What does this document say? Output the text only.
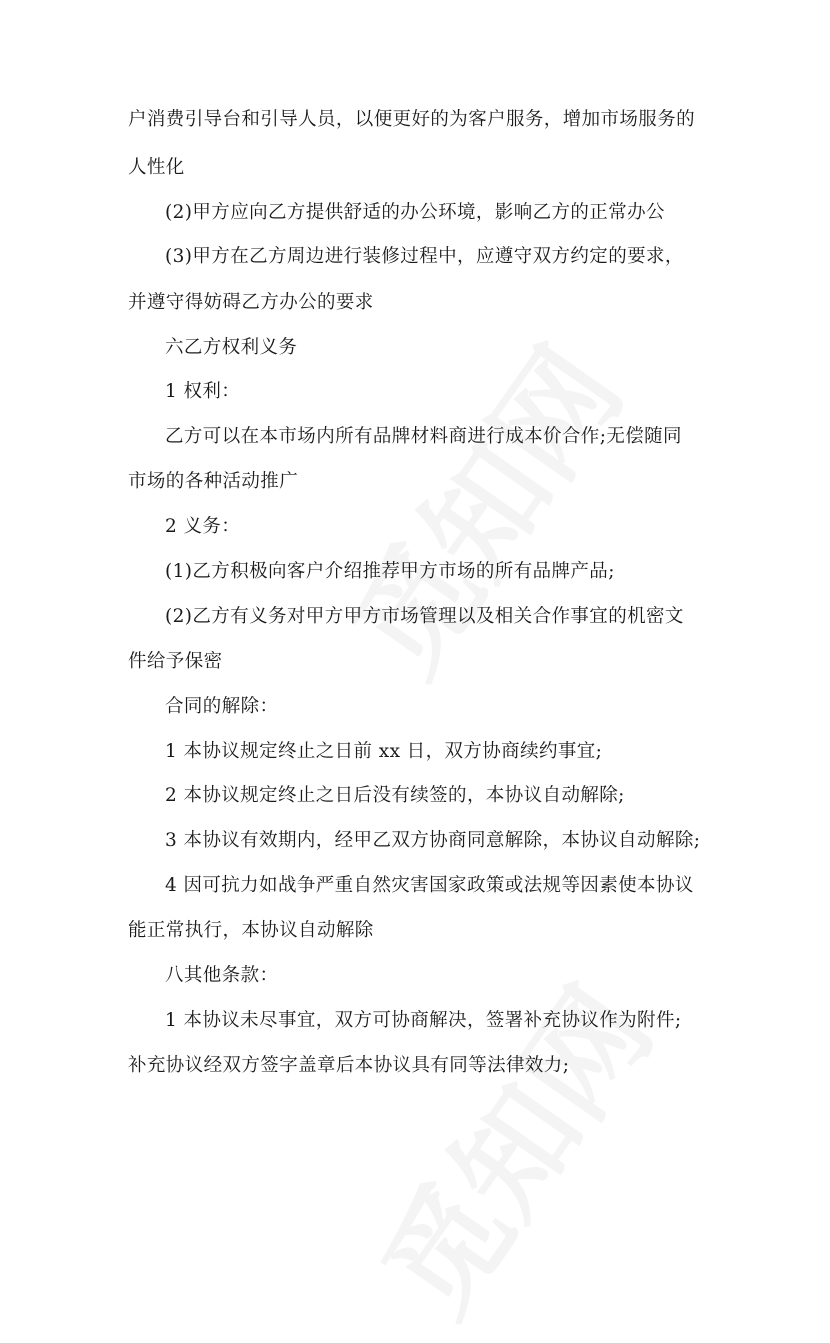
户消费引导台和引导人员，以便更好的为客户服务，增加市场服务的
人性化
(2)甲方应向乙方提供舒适的办公环境，影响乙方的正常办公
(3)甲方在乙方周边进行装修过程中，应遵守双方约定的要求，
并遵守得妨碍乙方办公的要求
六乙方权利义务
1 权利：
乙方可以在本市场内所有品牌材料商进行成本价合作;无偿随同
市场的各种活动推广
2 义务：
(1)乙方积极向客户介绍推荐甲方市场的所有品牌产品;
(2)乙方有义务对甲方甲方市场管理以及相关合作事宜的机密文
件给予保密
合同的解除：
1 本协议规定终止之日前 xx 日，双方协商续约事宜;
2 本协议规定终止之日后没有续签的，本协议自动解除;
3 本协议有效期内，经甲乙双方协商同意解除，本协议自动解除;
4 因可抗力如战争严重自然灾害国家政策或法规等因素使本协议
能正常执行，本协议自动解除
八其他条款：
1 本协议未尽事宜，双方可协商解决，签署补充协议作为附件;
补充协议经双方签字盖章后本协议具有同等法律效力;
